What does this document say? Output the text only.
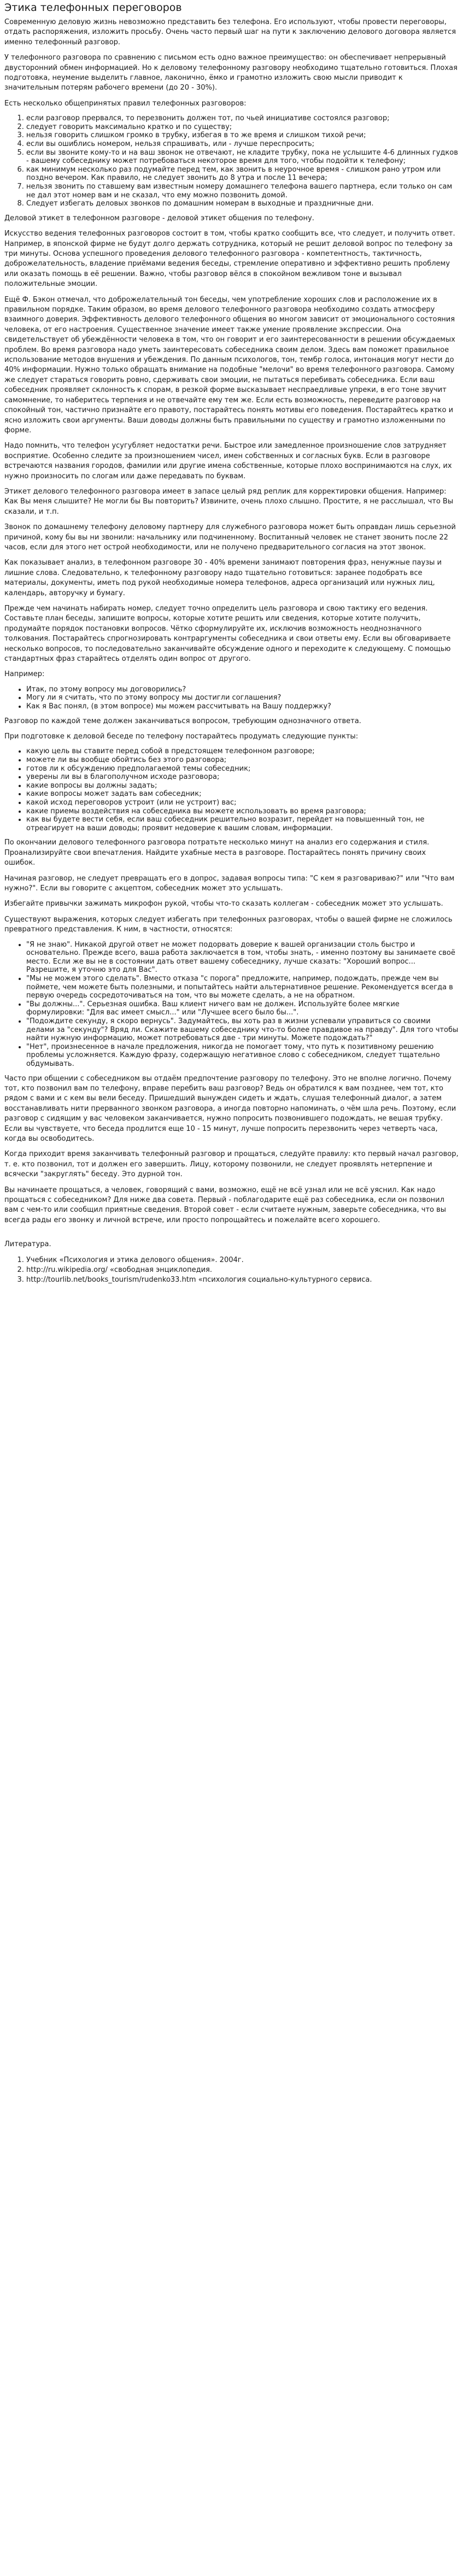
Этика телефонных переговоров

Современную деловую жизнь невозможно представить без телефона. Его используют, чтобы провести переговоры, отдать распоряжения, изложить просьбу. Очень часто первый шаг на пути к заключению делового договора является именно телефонный разговор.

У телефонного разговора по сравнению с письмом есть одно важное преимущество: он обеспечивает непрерывный двусторонний обмен информацией. Но к деловому телефонному разговору необходимо тщательно готовиться. Плохая подготовка, неумение выделить главное, лаконично, ёмко и грамотно изложить свою мысли приводит к значительным потерям рабочего времени (до 20 - 30%).

Есть несколько общепринятых правил телефонных разговоров:

1. если разговор прервался, то перезвонить должен тот, по чьей инициативе состоялся разговор;
2. следует говорить максимально кратко и по существу;
3. нельзя говорить слишком громко в трубку, избегая в то же время и слишком тихой речи;
4. если вы ошиблись номером, нельзя спрашивать, или - лучше переспросить;
5. если вы звоните кому-то и на ваш звонок не отвечают, не кладите трубку, пока не услышите 4-6 длинных гудков - вашему собеседнику может потребоваться некоторое время для того, чтобы подойти к телефону;
6. как минимум несколько раз подумайте перед тем, как звонить в неурочное время - слишком рано утром или поздно вечером. Как правило, не следует звонить до 8 утра и после 11 вечера;
7. нельзя звонить по ставшему вам известным номеру домашнего телефона вашего партнера, если только он сам не дал этот номер вам и не сказал, что ему можно позвонить домой.
8. Следует избегать деловых звонков по домашним номерам в выходные и праздничные дни.

Деловой этикет в телефонном разговоре - деловой этикет общения по телефону.

Искусство ведения телефонных разговоров состоит в том, чтобы кратко сообщить все, что следует, и получить ответ. Например, в японской фирме не будут долго держать сотрудника, который не решит деловой вопрос по телефону за три минуты. Основа успешного проведения делового телефонного разговора - компетентность, тактичность, доброжелательность, владение приёмами ведения беседы, стремление оперативно и эффективно решить проблему или оказать помощь в её решении. Важно, чтобы разговор вёлся в спокойном вежливом тоне и вызывал положительные эмоции.

Ещё Ф. Бэкон отмечал, что доброжелательный тон беседы, чем употребление хороших слов и расположение их в правильном порядке. Таким образом, во время делового телефонного разговора необходимо создать атмосферу взаимного доверия. Эффективность делового телефонного общения во многом зависит от эмоционального состояния человека, от его настроения. Существенное значение имеет также умение проявление экспрессии. Она свидетельствует об убеждённости человека в том, что он говорит и его заинтересованности в решении обсуждаемых проблем. Во время разговора надо уметь заинтересовать собеседника своим делом. Здесь вам поможет правильное использование методов внушения и убеждения. По данным психологов, тон, тембр голоса, интонация могут нести до 40% информации. Нужно только обращать внимание на подобные "мелочи" во время телефонного разговора. Самому же следует стараться говорить ровно, сдерживать свои эмоции, не пытаться перебивать собеседника. Если ваш собеседник проявляет склонность к спорам, в резкой форме высказывает неспраедливые упреки, в его тоне звучит самомнение, то наберитесь терпения и не отвечайте ему тем же. Если есть возможность, переведите разговор на спокойный тон, частично признайте его правоту, постарайтесь понять мотивы его поведения. Постарайтесь кратко и ясно изложить свои аргументы. Ваши доводы должны быть правильными по существу и грамотно изложенными по форме.

Надо помнить, что телефон усугубляет недостатки речи. Быстрое или замедленное произношение слов затрудняет восприятие. Особенно следите за произношением чисел, имен собственных и согласных букв. Если в разговоре встречаются названия городов, фамилии или другие имена собственные, которые плохо воспринимаются на слух, их нужно произносить по слогам или даже передавать по буквам.

Этикет делового телефонного разговора имеет в запасе целый ряд реплик для корректировки общения. Например: Как Вы меня слышите? Не могли бы Вы повторить? Извините, очень плохо слышно. Простите, я не расслышал, что Вы сказали, и т.п.

Звонок по домашнему телефону деловому партнеру для служебного разговора может быть оправдан лишь серьезной причиной, кому бы вы ни звонили: начальнику или подчиненному. Воспитанный человек не станет звонить после 22 часов, если для этого нет острой необходимости, или не получено предварительного согласия на этот звонок.

Как показывает анализ, в телефонном разговоре 30 - 40% времени занимают повторения фраз, ненужные паузы и лишние слова. Следовательно, к телефонному разговору надо тщательно готовиться: заранее подобрать все материалы, документы, иметь под рукой необходимые номера телефонов, адреса организаций или нужных лиц, календарь, авторучку и бумагу.

Прежде чем начинать набирать номер, следует точно определить цель разговора и свою тактику его ведения. Составьте план беседы, запишите вопросы, которые хотите решить или сведения, которые хотите получить, продумайте порядок постановки вопросов. Чётко сформулируйте их, исключив возможность неоднозначного толкования. Постарайтесь спрогнозировать контраргументы собеседника и свои ответы ему. Если вы обговариваете несколько вопросов, то последовательно заканчивайте обсуждение одного и переходите к следующему. С помощью стандартных фраз старайтесь отделять один вопрос от другого.

Например:

• Итак, по этому вопросу мы договорились?
• Могу ли я считать, что по этому вопросу мы достигли соглашения?
• Как я Вас понял, (в этом вопросе) мы можем рассчитывать на Вашу поддержку?

Разговор по каждой теме должен заканчиваться вопросом, требующим однозначного ответа.

При подготовке к деловой беседе по телефону постарайтесь продумать следующие пункты:

• какую цель вы ставите перед собой в предстоящем телефонном разговоре;
• можете ли вы вообще обойтись без этого разговора;
• готов ли к обсуждению предполагаемой темы собеседник;
• уверены ли вы в благополучном исходе разговора;
• какие вопросы вы должны задать;
• какие вопросы может задать вам собеседник;
• какой исход переговоров устроит (или не устроит) вас;
• какие приемы воздействия на собеседника вы можете использовать во время разговора;
• как вы будете вести себя, если ваш собеседник решительно возразит, перейдет на повышенный тон, не отреагирует на ваши доводы; проявит недоверие к вашим словам, информации.

По окончании делового телефонного разговора потратьте несколько минут на анализ его содержания и стиля. Проанализируйте свои впечатления. Найдите ухабные места в разговоре. Постарайтесь понять причину своих ошибок.

Начиная разговор, не следует превращать его в допрос, задавая вопросы типа: "С кем я разговариваю?" или "Что вам нужно?". Если вы говорите с акцептом, собеседник может это услышать.

Избегайте привычки зажимать микрофон рукой, чтобы что-то сказать коллегам - собеседник может это услышать.

Существуют выражения, которых следует избегать при телефонных разговорах, чтобы о вашей фирме не сложилось превратного представления. К ним, в частности, относятся:

• "Я не знаю". Никакой другой ответ не может подорвать доверие к вашей организации столь быстро и основательно. Прежде всего, ваша работа заключается в том, чтобы знать, - именно поэтому вы занимаете своё место. Если же вы не в состоянии дать ответ вашему собеседнику, лучше сказать: "Хороший вопрос... Разрешите, я уточню это для Вас".
• "Мы не можем этого сделать". Вместо отказа "с порога" предложите, например, подождать, прежде чем вы поймете, чем можете быть полезными, и попытайтесь найти альтернативное решение. Рекомендуется всегда в первую очередь сосредоточиваться на том, что вы можете сделать, а не на обратном.
• "Вы должны...". Серьезная ошибка. Ваш клиент ничего вам не должен. Используйте более мягкие формулировки: "Для вас имеет смысл..." или "Лучшее всего было бы...".
• "Подождите секунду, я скоро вернусь". Задумайтесь, вы хоть раз в жизни успевали управиться со своими делами за "секунду"? Вряд ли. Скажите вашему собеседнику что-то более правдивое на правду". Для того чтобы найти нужную информацию, может потребоваться две - три минуты. Можете подождать?"
• "Нет", произнесенное в начале предложения, никогда не помогает тому, что путь к позитивному решению проблемы усложняется. Каждую фразу, содержащую негативное слово с собеседником, следует тщательно обдумывать.

Часто при общении с собеседником вы отдаём предпочтение разговору по телефону. Это не вполне логично. Почему тот, кто позвонил вам по телефону, вправе перебить ваш разговор? Ведь он обратился к вам позднее, чем тот, кто рядом с вами и с кем вы вели беседу. Пришедший вынужден сидеть и ждать, слушая телефонный диалог, а затем восстанавливать нити прерванного звонком разговора, а иногда повторно напоминать, о чём шла речь. Поэтому, если разговор с сидящим у вас человеком заканчивается, нужно попросить позвонившего подождать, не вешая трубку. Если вы чувствуете, что беседа продлится еще 10 - 15 минут, лучше попросить перезвонить через четверть часа, когда вы освободитесь.

Когда приходит время заканчивать телефонный разговор и прощаться, следуйте правилу: кто первый начал разговор, т. е. кто позвонил, тот и должен его завершить. Лицу, которому позвонили, не следует проявлять нетерпение и всячески "закруглять" беседу. Это дурной тон.

Вы начинаете прощаться, а человек, говорящий с вами, возможно, ещё не всё узнал или не всё уяснил. Как надо прощаться с собеседником? Для ниже два совета. Первый - поблагодарите ещё раз собеседника, если он позвонил вам с чем-то или сообщил приятные сведения. Второй совет - если считаете нужным, заверьте собеседника, что вы всегда рады его звонку и личной встрече, или просто попрощайтесь и пожелайте всего хорошего.

Литература.

1. Учебник «Психология и этика делового общения». 2004г.
2. http://ru.wikipedia.org/ «свободная энциклопедия.
3. http://tourlib.net/books_tourism/rudenko33.htm «психология социально-культурного сервиса.
